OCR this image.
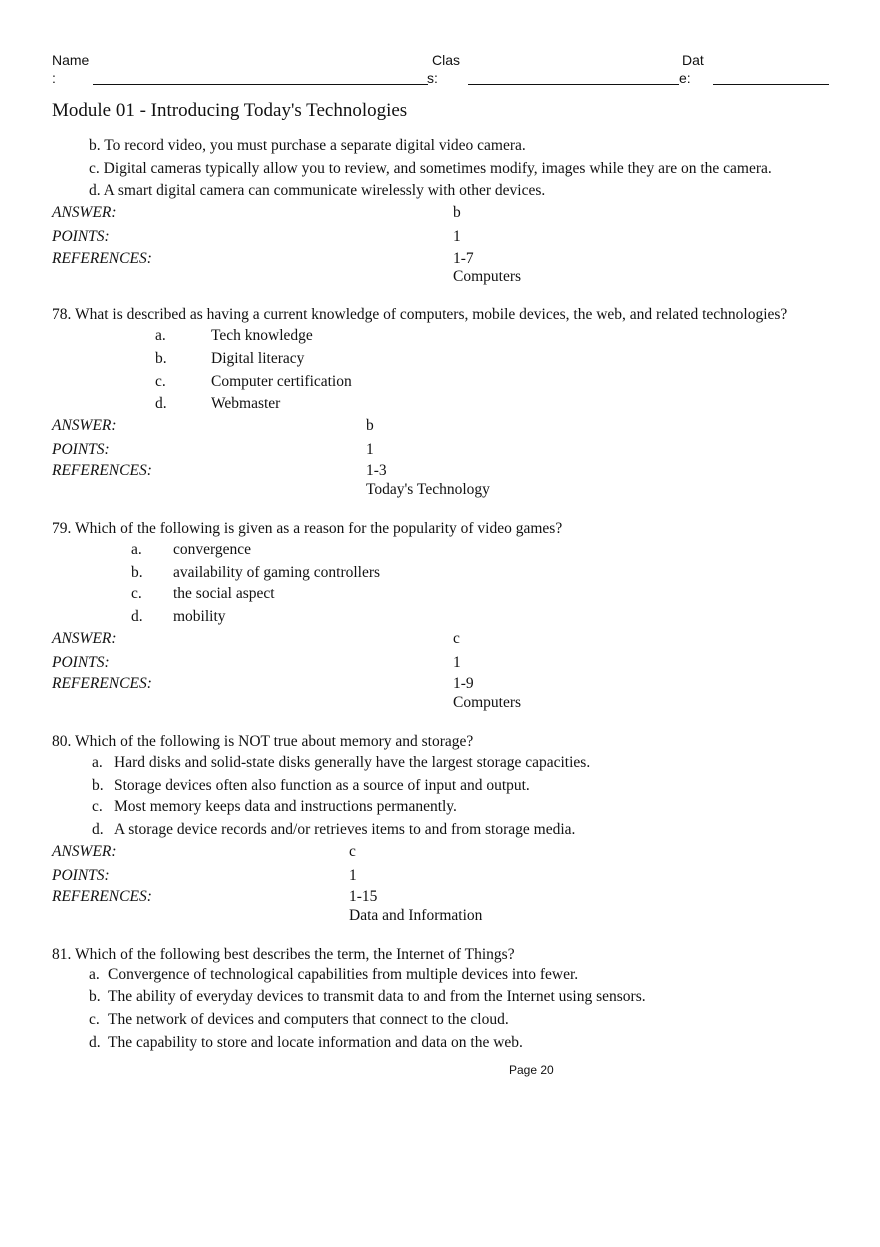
Name
:
Clas
s:
Dat
e:
Module 01 - Introducing Today's Technologies
b. To record video, you must purchase a separate digital video camera.
c. Digital cameras typically allow you to review, and sometimes modify, images while they are on the camera.
d. A smart digital camera can communicate wirelessly with other devices.
ANSWER:	b
POINTS:	1
REFERENCES:	1-7
Computers
78. What is described as having a current knowledge of computers, mobile devices, the web, and related technologies?
a.	Tech knowledge
b.	Digital literacy
c.	Computer certification
d.	Webmaster
ANSWER:	b
POINTS:	1
REFERENCES:	1-3
Today's Technology
79. Which of the following is given as a reason for the popularity of video games?
a. convergence
b. availability of gaming controllers
c. the social aspect
d. mobility
ANSWER:	c
POINTS:	1
REFERENCES:	1-9
Computers
80. Which of the following is NOT true about memory and storage?
a. Hard disks and solid-state disks generally have the largest storage capacities.
b. Storage devices often also function as a source of input and output.
c. Most memory keeps data and instructions permanently.
d. A storage device records and/or retrieves items to and from storage media.
ANSWER:	c
POINTS:	1
REFERENCES:	1-15
Data and Information
81. Which of the following best describes the term, the Internet of Things?
a. Convergence of technological capabilities from multiple devices into fewer.
b. The ability of everyday devices to transmit data to and from the Internet using sensors.
c. The network of devices and computers that connect to the cloud.
d. The capability to store and locate information and data on the web.
Page 20
